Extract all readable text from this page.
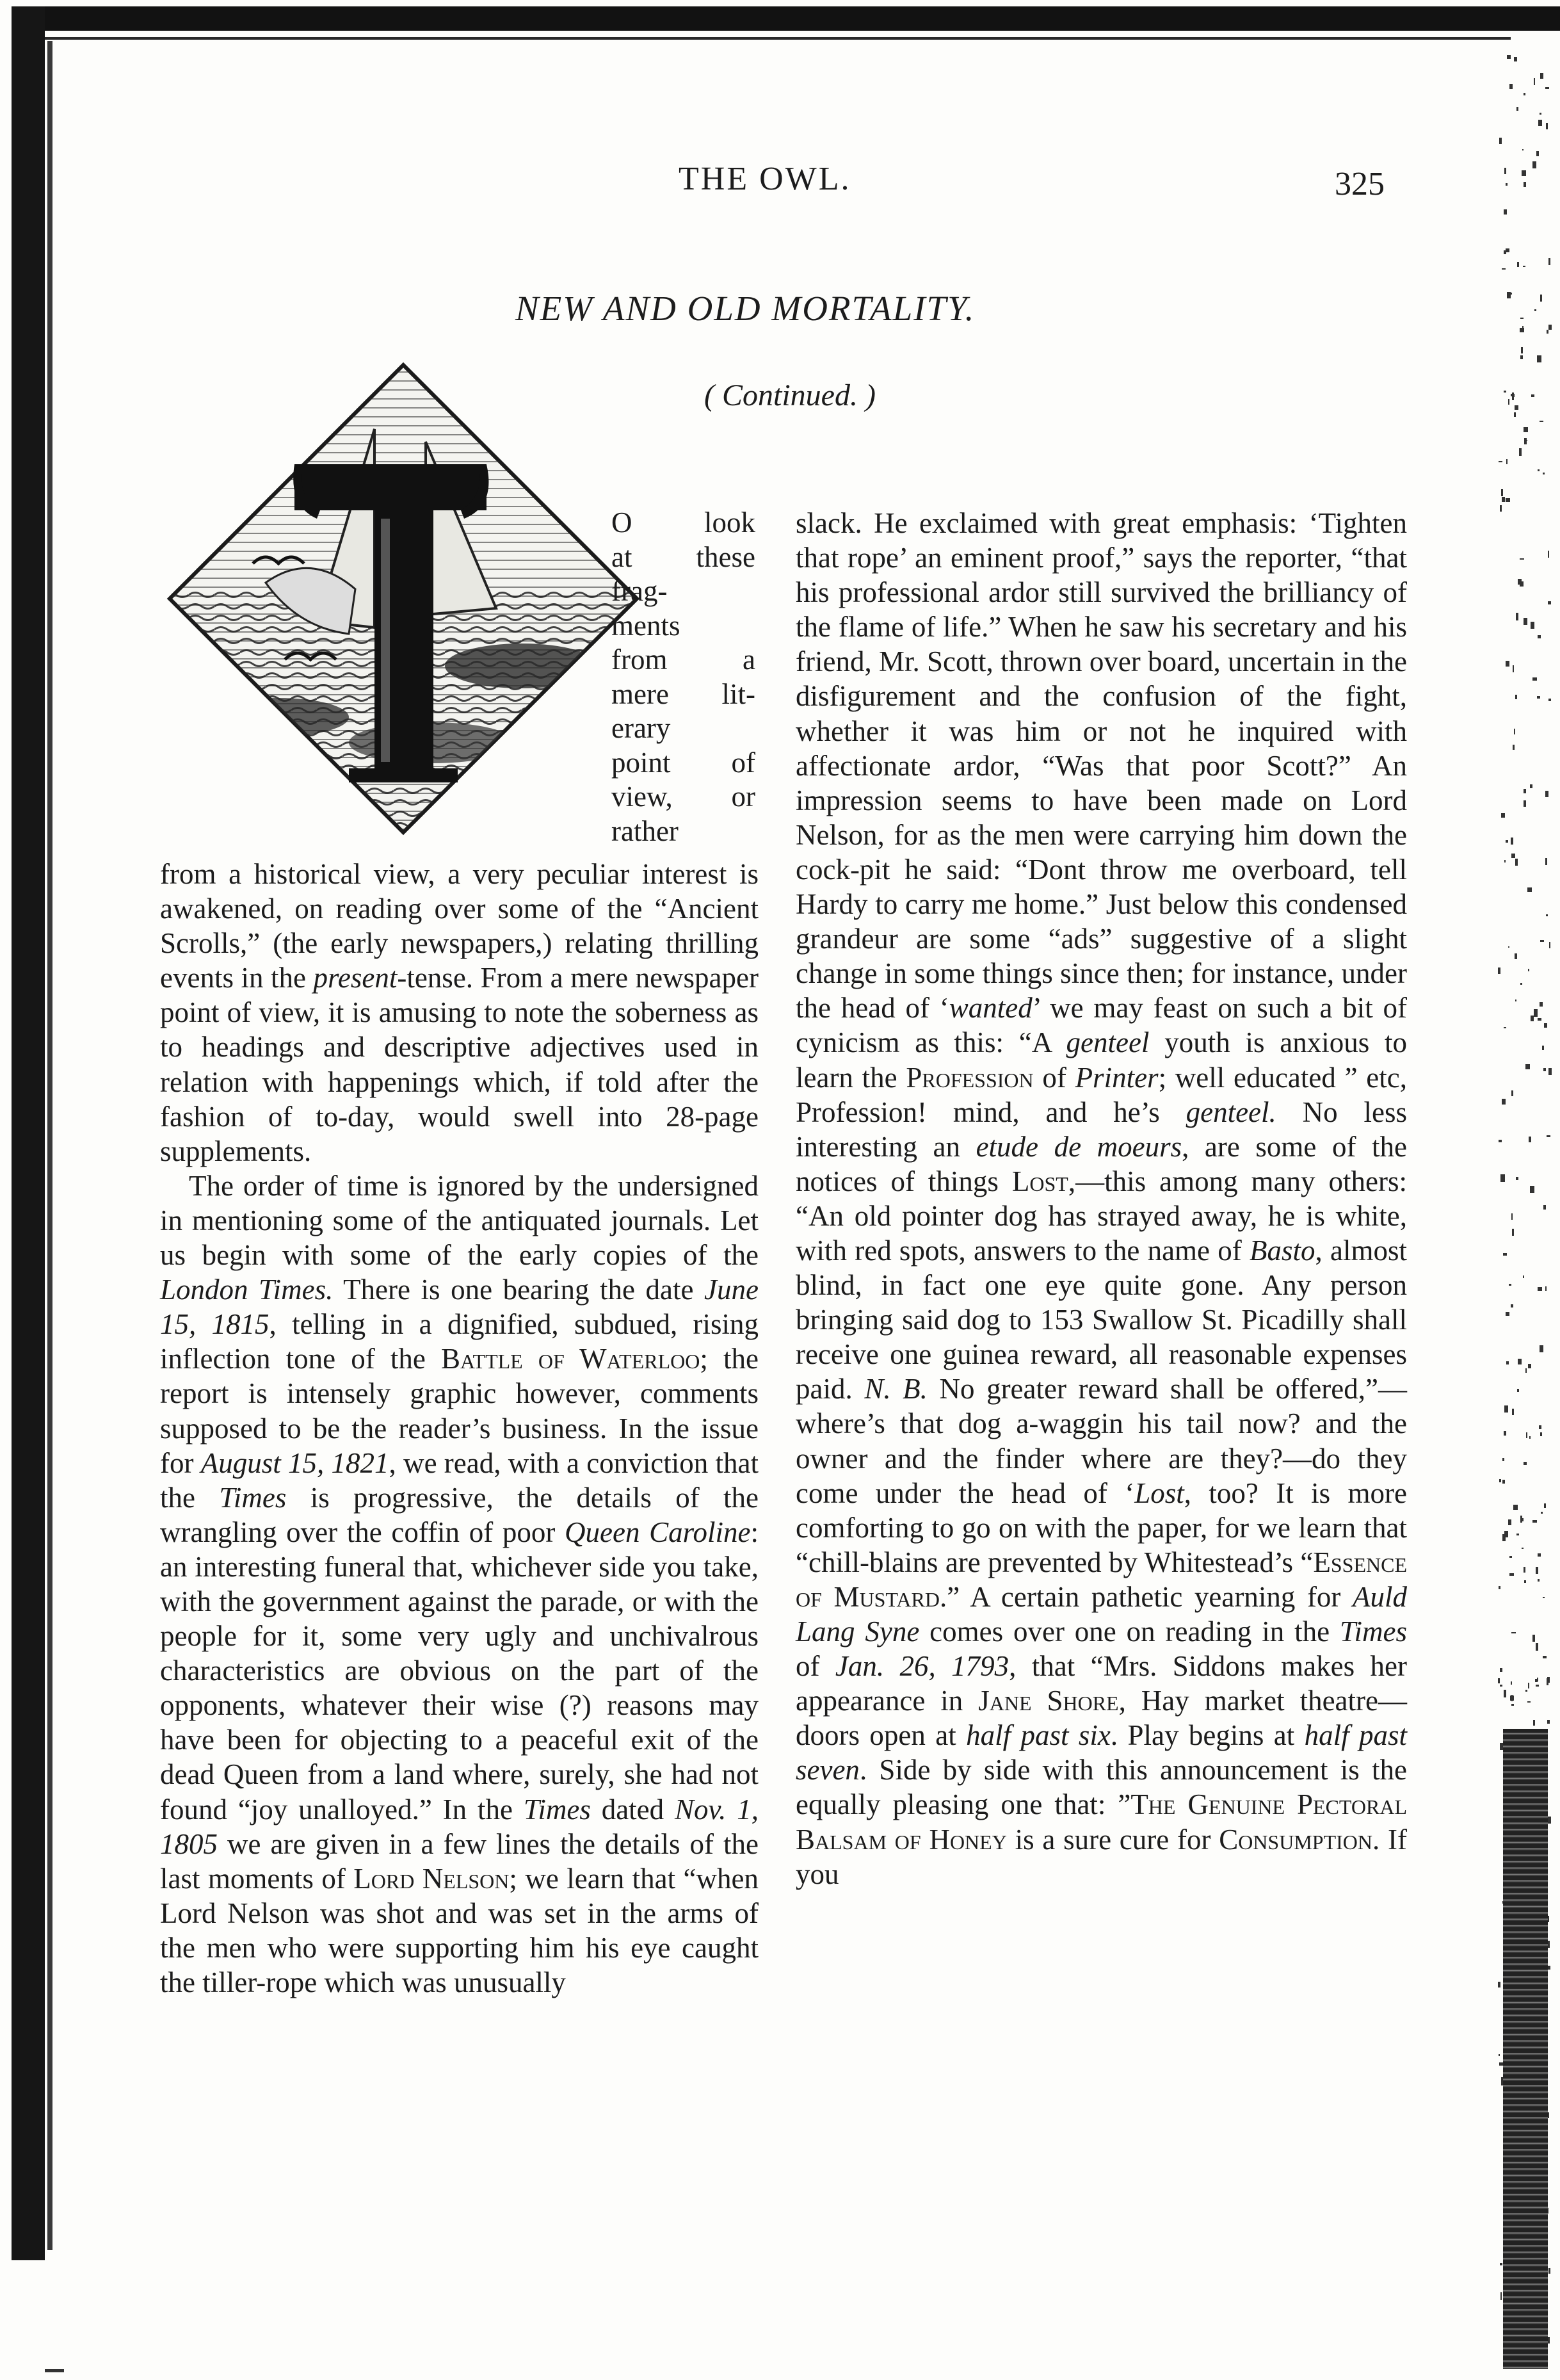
THE OWL.	325
NEW AND OLD MORTALITY.
( Continued. )
T
O look
at these
frag-
ments
from a
mere lit-
erary
point of
view, or
rather

from a historical view, a very peculiar interest is awakened, on reading over some of the “Ancient Scrolls,” (the early newspapers,) relating thrilling events in the present-tense. From a mere newspaper point of view, it is amusing to note the soberness as to headings and descriptive adjectives used in relation with happenings which, if told after the fashion of to-day, would swell into 28-page supplements.

The order of time is ignored by the undersigned in mentioning some of the antiquated journals. Let us begin with some of the early copies of the London Times. There is one bearing the date June 15, 1815, telling in a dignified, subdued, rising inflection tone of the Battle of Waterloo; the report is intensely graphic however, comments supposed to be the reader’s business. In the issue for August 15, 1821, we read, with a conviction that the Times is progressive, the details of the wrangling over the coffin of poor Queen Caroline: an interesting funeral that, whichever side you take, with the government against the parade, or with the people for it, some very ugly and unchivalrous characteristics are obvious on the part of the opponents, whatever their wise (?) reasons may have been for objecting to a peaceful exit of the dead Queen from a land where, surely, she had not found “joy unalloyed.” In the Times dated Nov. 1, 1805 we are given in a few lines the details of the last moments of Lord Nelson; we learn that “when Lord Nelson was shot and was set in the arms of the men who were supporting him his eye caught the tiller-rope which was unusually

slack. He exclaimed with great emphasis: ‘Tighten that rope’ an eminent proof,” says the reporter, “that his professional ardor still survived the brilliancy of the flame of life.” When he saw his secretary and his friend, Mr. Scott, thrown over board, uncertain in the disfigurement and the confusion of the fight, whether it was him or not he inquired with affectionate ardor, “Was that poor Scott?” An impression seems to have been made on Lord Nelson, for as the men were carrying him down the cock-pit he said: “Dont throw me overboard, tell Hardy to carry me home.” Just below this condensed grandeur are some “ads” suggestive of a slight change in some things since then; for instance, under the head of ‘wanted’ we may feast on such a bit of cynicism as this: “A genteel youth is anxious to learn the Profession of Printer; well educated ” etc, Profession! mind, and he’s genteel. No less interesting an etude de moeurs, are some of the notices of things Lost,—this among many others: “An old pointer dog has strayed away, he is white, with red spots, answers to the name of Basto, almost blind, in fact one eye quite gone. Any person bringing said dog to 153 Swallow St. Picadilly shall receive one guinea reward, all reasonable expenses paid. N. B. No greater reward shall be offered,”—where’s that dog a-waggin his tail now? and the owner and the finder where are they?—do they come under the head of ‘Lost, too? It is more comforting to go on with the paper, for we learn that “chill-blains are prevented by Whitestead’s “Essence of Mustard.” A certain pathetic yearning for Auld Lang Syne comes over one on reading in the Times of Jan. 26, 1793, that “Mrs. Siddons makes her appearance in Jane Shore, Hay market theatre—doors open at half past six. Play begins at half past seven. Side by side with this announcement is the equally pleasing one that: ”The Genuine Pectoral Balsam of Honey is a sure cure for Consumption. If you
